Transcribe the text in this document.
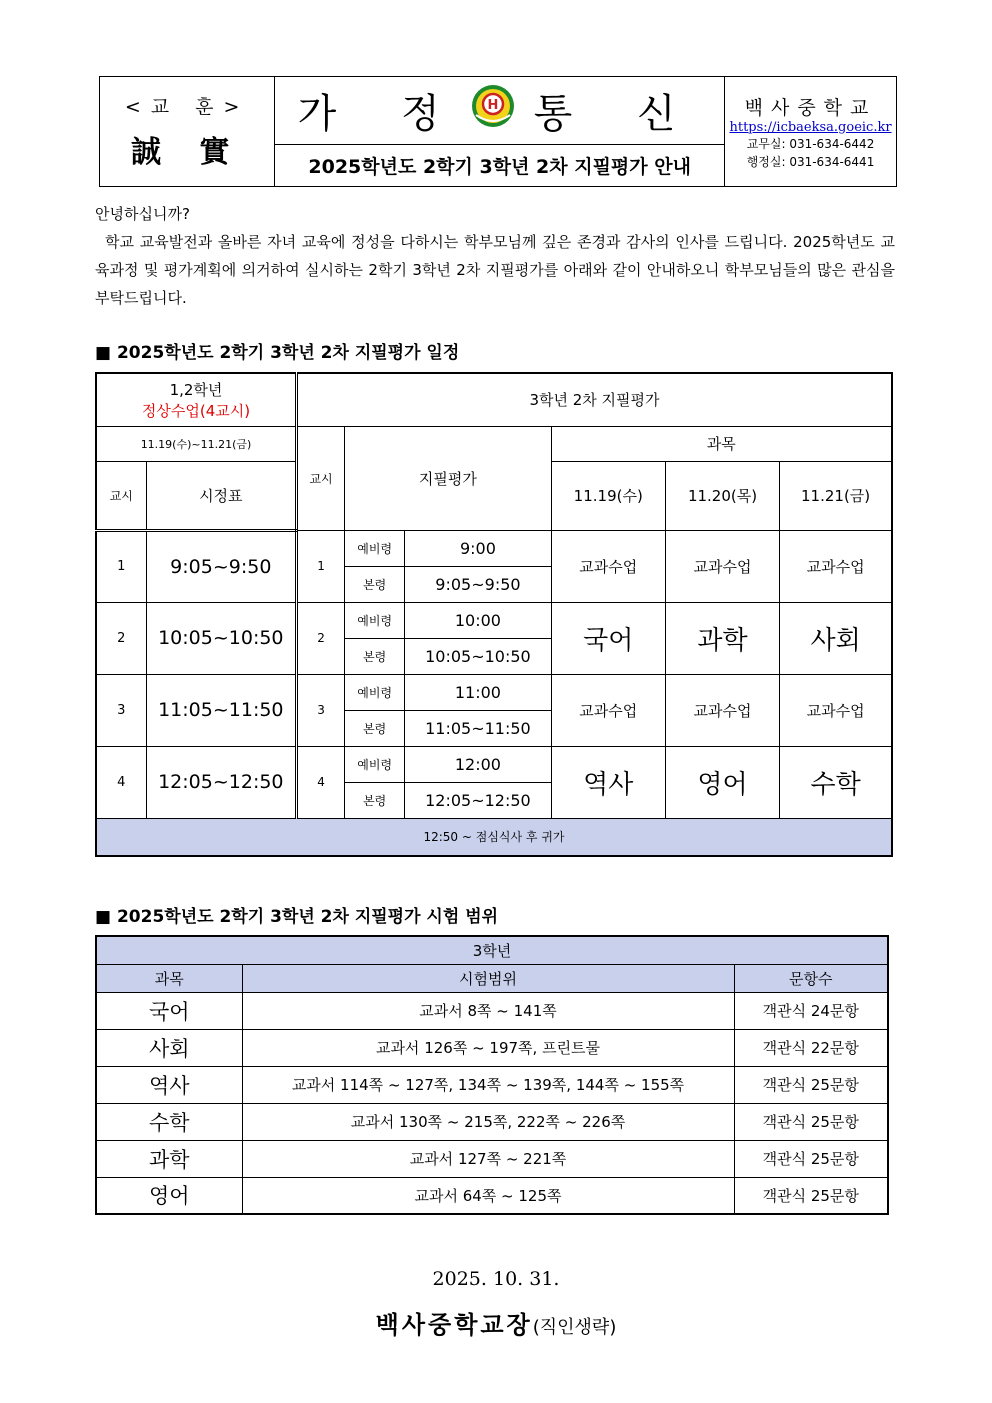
<교 훈>
誠 實

가 정 H 통 신	백사중학교
https://icbaeksa.goeic.kr
교무실: 031-634-6442
행정실: 031-634-6441

2025학년도 2학기 3학년 2차 지필평가 안내
안녕하십니까?
학교 교육발전과 올바른 자녀 교육에 정성을 다하시는 학부모님께 깊은 존경과 감사의 인사를 드립니다. 2025학년도 교육과정 및 평가계획에 의거하여 실시하는 2학기 3학년 2차 지필평가를 아래와 같이 안내하오니 학부모님들의 많은 관심을 부탁드립니다.
■ 2025학년도 2학기 3학년 2차 지필평가 일정
1,2학년
정상수업(4교시)		3학년 2차 지필평가					
11.19(수)~11.21(금)		교시	지필평가		과목		
교시	시정표				11.19(수)	11.20(목)	11.21(금)
1	9:05~9:50	1	예비령	9:00	교과수업	교과수업	교과수업
			본령	9:05~9:50			
2	10:05~10:50	2	예비령	10:00	국어	과학	사회
			본령	10:05~10:50			
3	11:05~11:50	3	예비령	11:00	교과수업	교과수업	교과수업
			본령	11:05~11:50			
4	12:05~12:50	4	예비령	12:00	역사	영어	수학
			본령	12:05~12:50			
12:50 ~ 점심식사 후 귀가							
■ 2025학년도 2학기 3학년 2차 지필평가 시험 범위
3학년		
과목	시험범위	문항수
국어	교과서 8쪽 ~ 141쪽	객관식 24문항
사회	교과서 126쪽 ~ 197쪽, 프린트물	객관식 22문항
역사	교과서 114쪽 ~ 127쪽, 134쪽 ~ 139쪽, 144쪽 ~ 155쪽	객관식 25문항
수학	교과서 130쪽 ~ 215쪽, 222쪽 ~ 226쪽	객관식 25문항
과학	교과서 127쪽 ~ 221쪽	객관식 25문항
영어	교과서 64쪽 ~ 125쪽	객관식 25문항
2025. 10. 31.
백사중학교장(직인생략)
